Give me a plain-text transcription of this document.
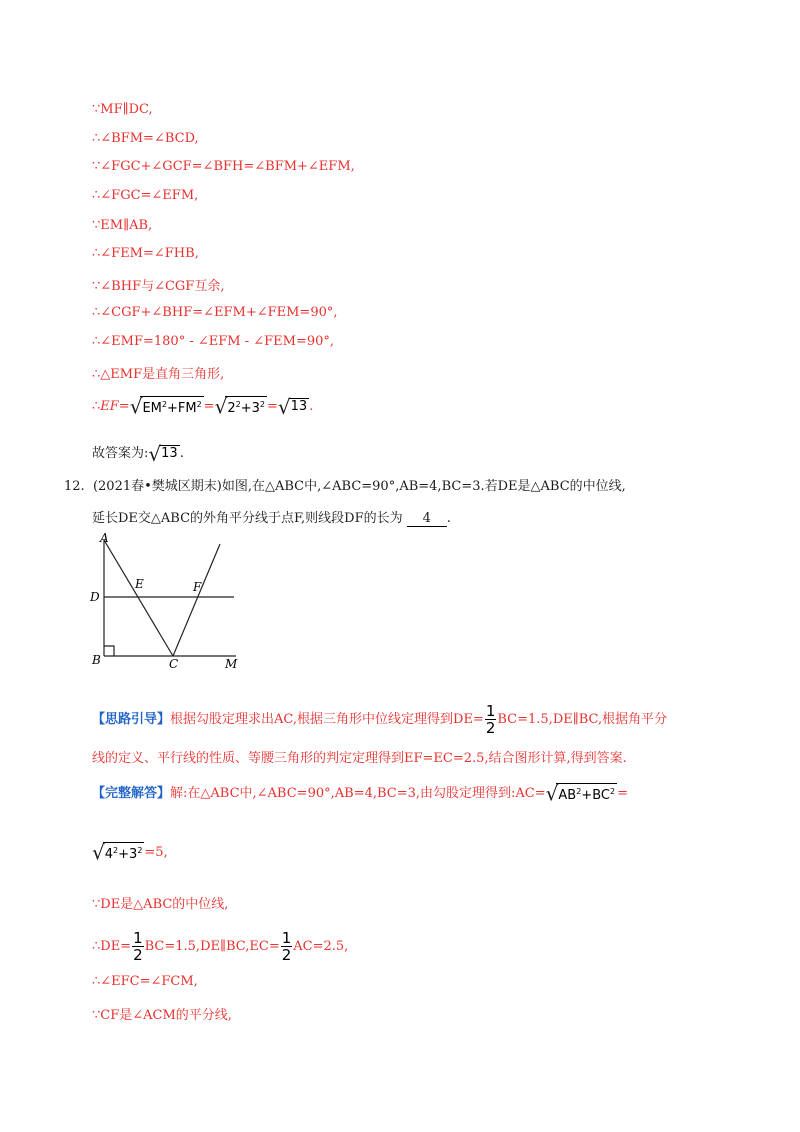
∵MF∥DC,
∴∠BFM=∠BCD,
∵∠FGC+∠GCF=∠BFH=∠BFM+∠EFM,
∴∠FGC=∠EFM,
∵EM∥AB,
∴∠FEM=∠FHB,
∵∠BHF与∠CGF互余,
∴∠CGF+∠BHF=∠EFM+∠FEM=90°,
∴∠EMF=180° - ∠EFM - ∠FEM=90°,
∴△EMF是直角三角形,
$\therefore EF=√EM^2+FM^2 =√2^2+3^2 =√13$ .
故答案为:√13 .
12. (2021春•樊城区期末)如图,在△ABC中,∠ABC=90°,AB=4,BC=3.若DE是△ABC的中位线,
延长DE交△ABC的外角平分线于点F,则线段DF的长为 4 .
A
D
E	F
B	C	M
【思路引导】根据勾股定理求出AC,根据三角形中位线定理得到$DE= \frac{1}{2}$ BC=1.5,DE∥BC,根据角平分
线的定义、平行线的性质、等腰三角形的判定定理得到EF=EC=2.5,结合图形计算,得到答案.
【完整解答】解:在△ABC中,∠ABC=90°,AB=4,BC=3,由勾股定理得到$:AC=√AB^2+BC^2$ =
$√4^2+3^2 =5$,
∵DE是△ABC的中位线,
∴DE= $\frac{1}{2}$ BC=1.5,DE∥BC,EC= $\frac{1}{2} AC=2.5$,
∴∠EFC=∠FCM,
∵CF是∠ACM的平分线,
